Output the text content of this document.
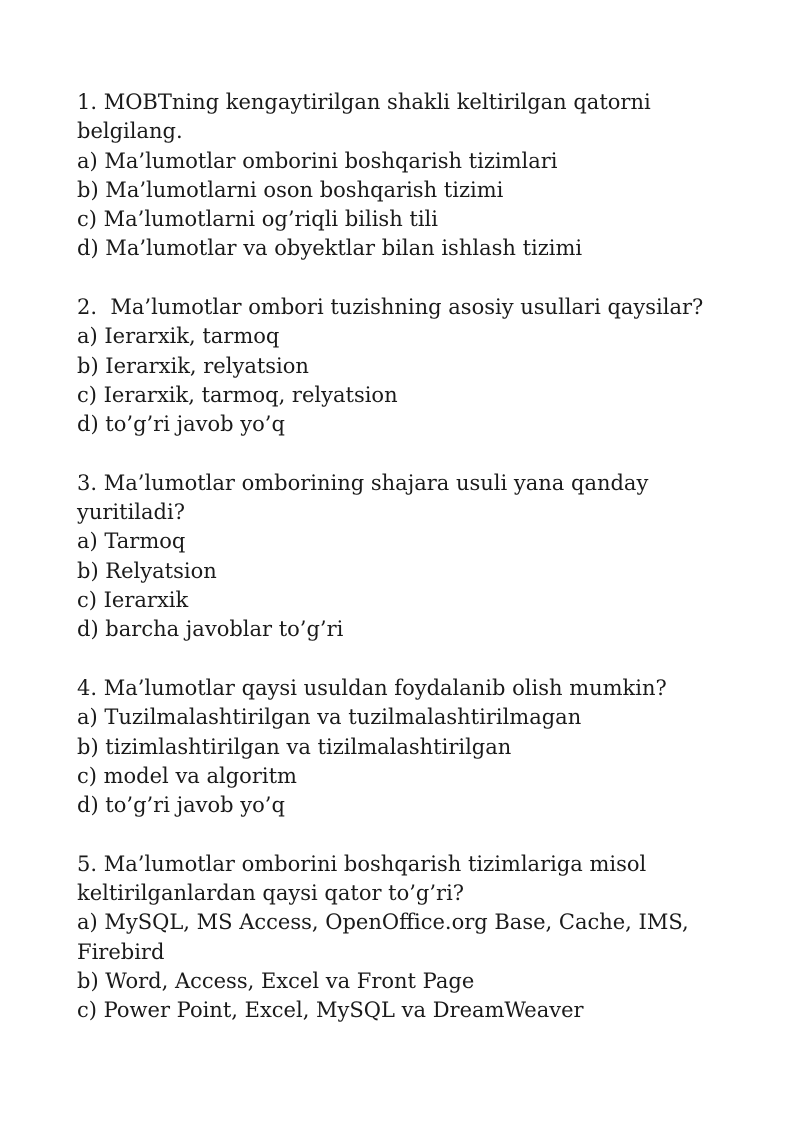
1. MOBTning kengaytirilgan shakli keltirilgan qatorni
belgilang.
a) Ma’lumotlar omborini boshqarish tizimlari
b) Ma’lumotlarni oson boshqarish tizimi
c) Ma’lumotlarni og’riqli bilish tili
d) Ma’lumotlar va obyektlar bilan ishlash tizimi
2.  Ma’lumotlar ombori tuzishning asosiy usullari qaysilar?
a) Ierarxik, tarmoq
b) Ierarxik, relyatsion
c) Ierarxik, tarmoq, relyatsion
d) to’g’ri javob yo’q
3. Ma’lumotlar omborining shajara usuli yana qanday
yuritiladi?
a) Tarmoq
b) Relyatsion
c) Ierarxik
d) barcha javoblar to’g’ri
4. Ma’lumotlar qaysi usuldan foydalanib olish mumkin?
a) Tuzilmalashtirilgan va tuzilmalashtirilmagan
b) tizimlashtirilgan va tizilmalashtirilgan
c) model va algoritm
d) to’g’ri javob yo’q
5. Ma’lumotlar omborini boshqarish tizimlariga misol
keltirilganlardan qaysi qator to’g’ri?
a) MySQL, MS Access, OpenOffice.org Base, Cache, IMS,
Firebird
b) Word, Access, Excel va Front Page
c) Power Point, Excel, MySQL va DreamWeaver
